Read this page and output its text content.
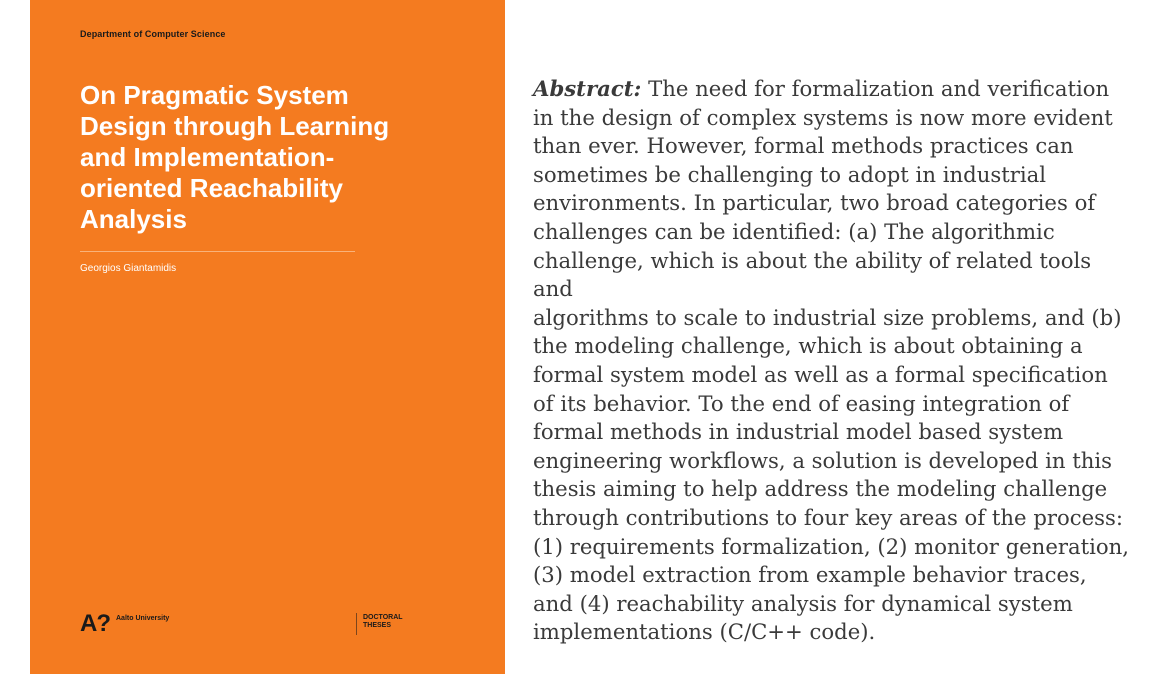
Department of Computer Science
On Pragmatic System
Design through Learning
and Implementation-
oriented Reachability
Analysis
Georgios Giantamidis
A? Aalto University	DOCTORAL
THESES
Abstract: The need for formalization and verification
in the design of complex systems is now more evident
than ever. However, formal methods practices can
sometimes be challenging to adopt in industrial
environments. In particular, two broad categories of
challenges can be identified: (a) The algorithmic
challenge, which is about the ability of related tools and
algorithms to scale to industrial size problems, and (b)
the modeling challenge, which is about obtaining a
formal system model as well as a formal specification
of its behavior. To the end of easing integration of
formal methods in industrial model based system
engineering workflows, a solution is developed in this
thesis aiming to help address the modeling challenge
through contributions to four key areas of the process:
(1) requirements formalization, (2) monitor generation,
(3) model extraction from example behavior traces,
and (4) reachability analysis for dynamical system
implementations (C/C++ code).
